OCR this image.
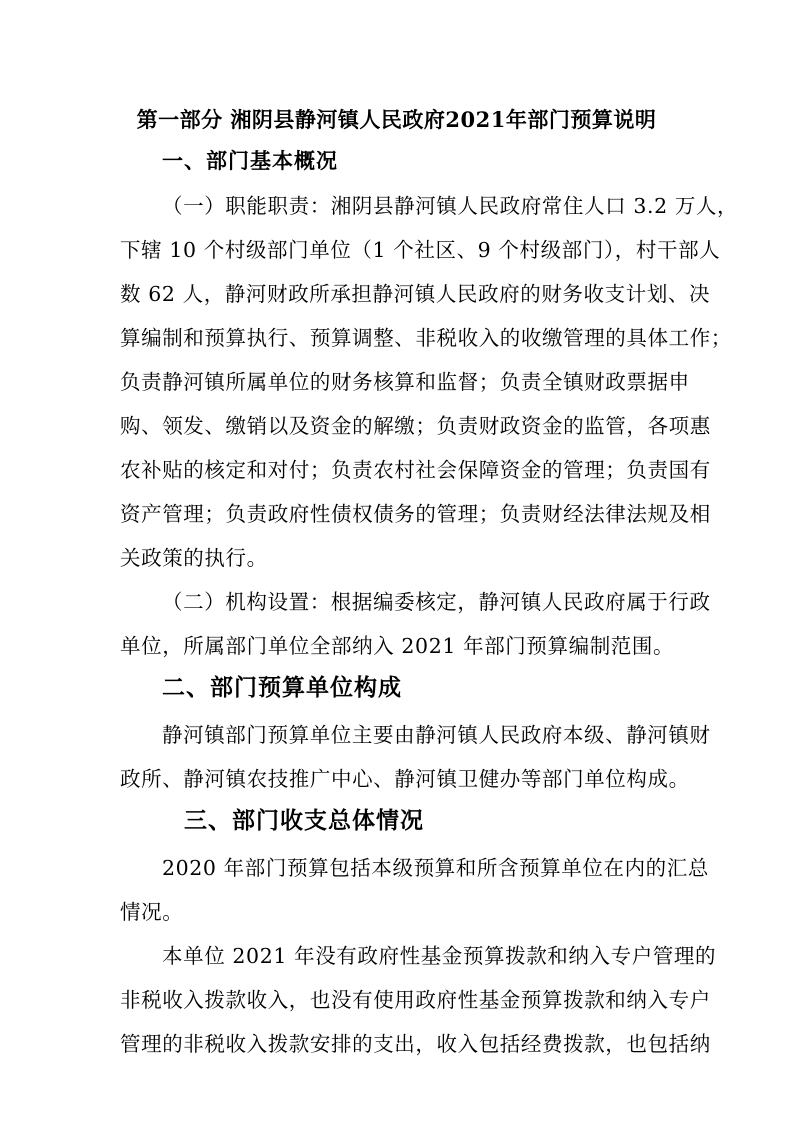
第一部分 湘阴县静河镇人民政府2021年部门预算说明
一、部门基本概况
（一）职能职责：湘阴县静河镇人民政府常住人口 3.2 万人，
下辖 10 个村级部门单位（1 个社区、9 个村级部门），村干部人
数 62 人，静河财政所承担静河镇人民政府的财务收支计划、决
算编制和预算执行、预算调整、非税收入的收缴管理的具体工作；
负责静河镇所属单位的财务核算和监督；负责全镇财政票据申
购、领发、缴销以及资金的解缴；负责财政资金的监管，各项惠
农补贴的核定和对付；负责农村社会保障资金的管理；负责国有
资产管理；负责政府性债权债务的管理；负责财经法律法规及相
关政策的执行。
（二）机构设置：根据编委核定，静河镇人民政府属于行政
单位，所属部门单位全部纳入 2021 年部门预算编制范围。
二、部门预算单位构成
静河镇部门预算单位主要由静河镇人民政府本级、静河镇财
政所、静河镇农技推广中心、静河镇卫健办等部门单位构成。
三、部门收支总体情况
2020 年部门预算包括本级预算和所含预算单位在内的汇总
情况。
本单位 2021 年没有政府性基金预算拨款和纳入专户管理的
非税收入拨款收入，也没有使用政府性基金预算拨款和纳入专户
管理的非税收入拨款安排的支出，收入包括经费拨款，也包括纳
